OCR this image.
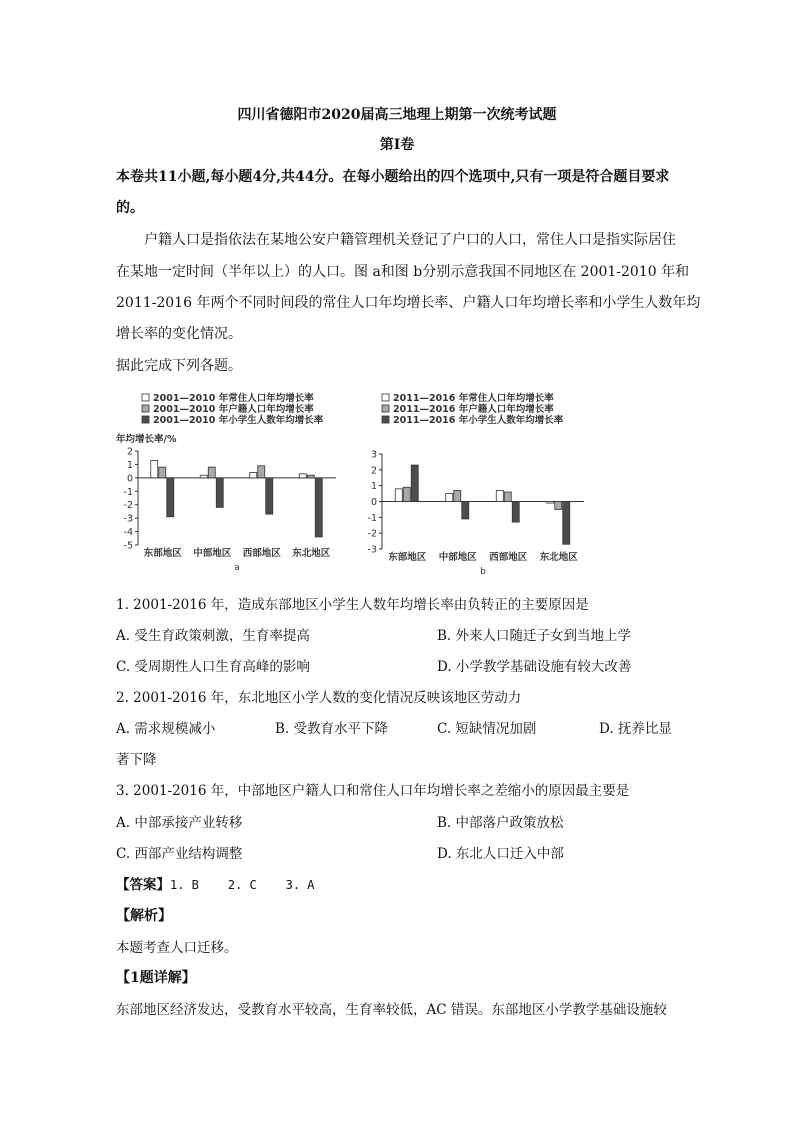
四川省德阳市2020届高三地理上期第一次统考试题
第Ⅰ卷
本卷共11小题,每小题4分,共44分。在每小题给出的四个选项中,只有一项是符合题目要求
的。
户籍人口是指依法在某地公安户籍管理机关登记了户口的人口，常住人口是指实际居住
在某地一定时间（半年以上）的人口。图 a和图 b分别示意我国不同地区在 2001-2010 年和
2011-2016 年两个不同时间段的常住人口年均增长率、户籍人口年均增长率和小学生人数年均
增长率的变化情况。
据此完成下列各题。
2001—2010 年常住人口年均增长率
2001—2010 年户籍人口年均增长率
2001—2010 年小学生人数年均增长率
年均增长率/%
2
1
0
-1
-2
-3
-4
-5
东部地区 中部地区 西部地区 东北地区
a
2011—2016 年常住人口年均增长率
2011—2016 年户籍人口年均增长率
2011—2016 年小学生人数年均增长率
3
2
1
0
-1
-2
-3
东部地区 中部地区 西部地区 东北地区
b
1. 2001-2016 年，造成东部地区小学生人数年均增长率由负转正的主要原因是
A. 受生育政策刺激，生育率提高	B. 外来人口随迁子女到当地上学
C. 受周期性人口生育高峰的影响	D. 小学教学基础设施有较大改善
2. 2001-2016 年，东北地区小学人数的变化情况反映该地区劳动力
A. 需求规模减小	B. 受教育水平下降	C. 短缺情况加剧	D. 抚养比显
著下降
3. 2001-2016 年，中部地区户籍人口和常住人口年均增长率之差缩小的原因最主要是
A. 中部承接产业转移	B. 中部落户政策放松
C. 西部产业结构调整	D. 东北人口迁入中部
【答案】1. B    2. C    3. A
【解析】
本题考查人口迁移。
【1题详解】
东部地区经济发达，受教育水平较高，生育率较低，AC 错误。东部地区小学教学基础设施较
